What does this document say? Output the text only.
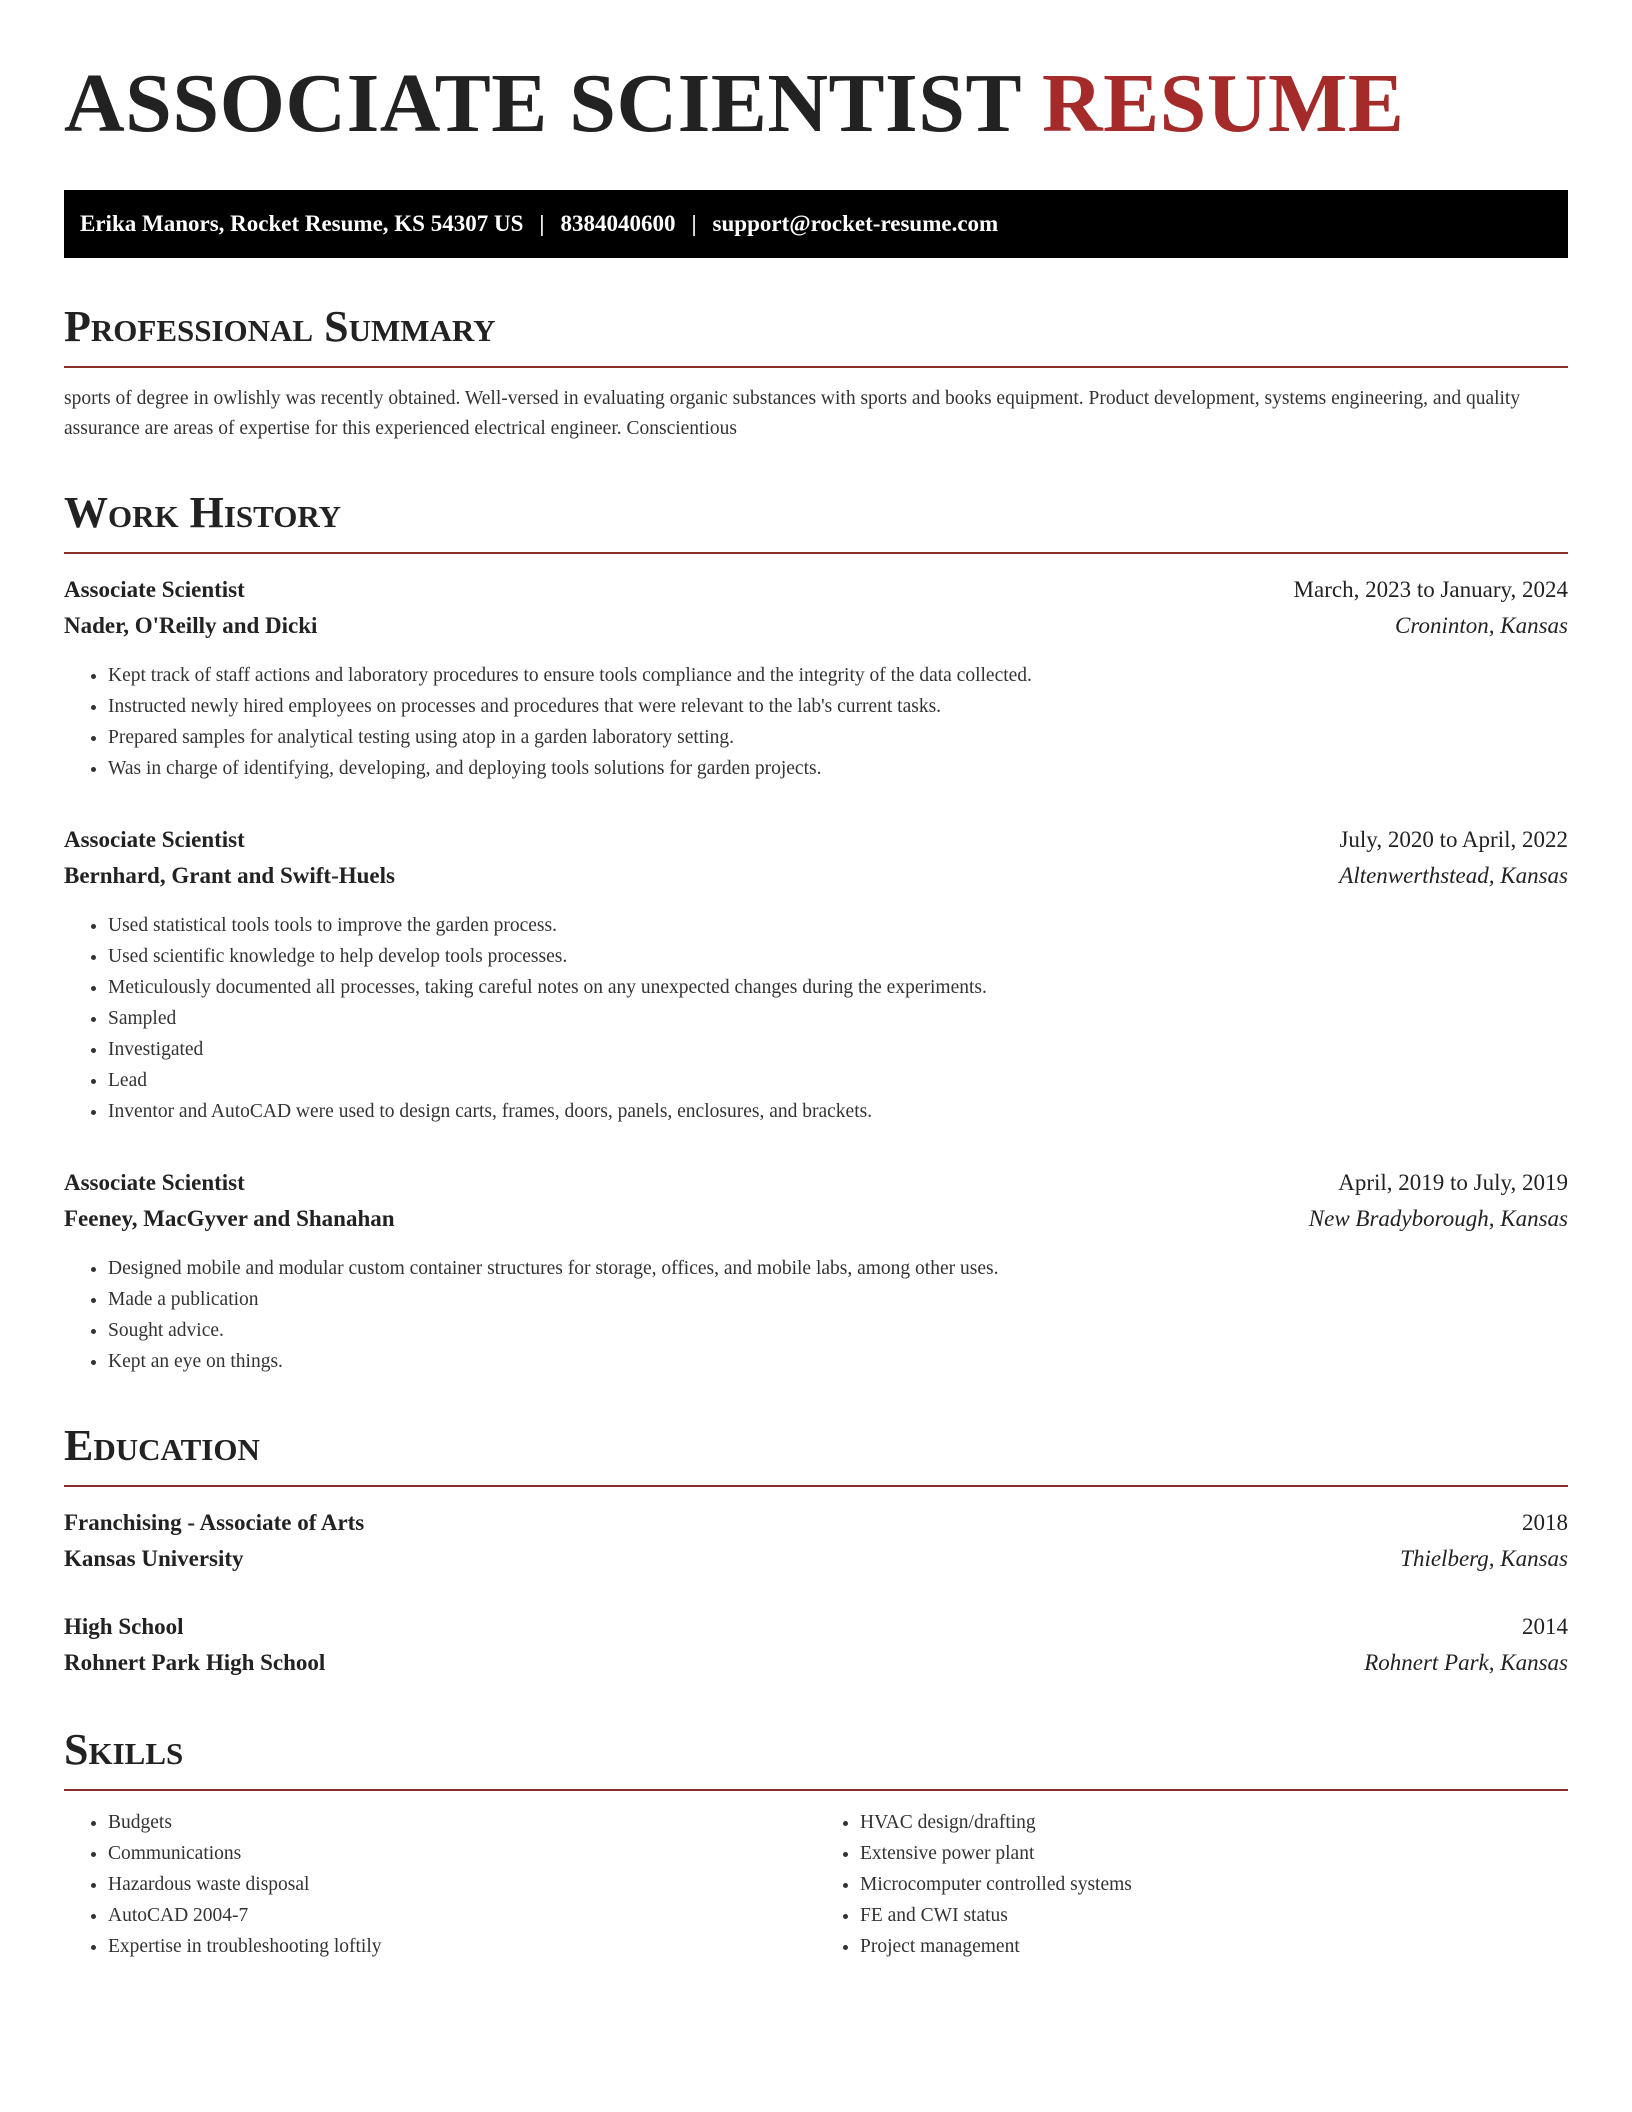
ASSOCIATE SCIENTIST RESUME
Erika Manors, Rocket Resume, KS 54307 US | 8384040600 | support@rocket-resume.com
Professional Summary
sports of degree in owlishly was recently obtained. Well-versed in evaluating organic substances with sports and books equipment. Product development, systems engineering, and quality assurance are areas of expertise for this experienced electrical engineer. Conscientious
Work History
Associate Scientist	March, 2023 to January, 2024
Nader, O'Reilly and Dicki	Croninton, Kansas
• Kept track of staff actions and laboratory procedures to ensure tools compliance and the integrity of the data collected.
• Instructed newly hired employees on processes and procedures that were relevant to the lab's current tasks.
• Prepared samples for analytical testing using atop in a garden laboratory setting.
• Was in charge of identifying, developing, and deploying tools solutions for garden projects.
Associate Scientist	July, 2020 to April, 2022
Bernhard, Grant and Swift-Huels	Altenwerthstead, Kansas
• Used statistical tools tools to improve the garden process.
• Used scientific knowledge to help develop tools processes.
• Meticulously documented all processes, taking careful notes on any unexpected changes during the experiments.
• Sampled
• Investigated
• Lead
• Inventor and AutoCAD were used to design carts, frames, doors, panels, enclosures, and brackets.
Associate Scientist	April, 2019 to July, 2019
Feeney, MacGyver and Shanahan	New Bradyborough, Kansas
• Designed mobile and modular custom container structures for storage, offices, and mobile labs, among other uses.
• Made a publication
• Sought advice.
• Kept an eye on things.
Education
Franchising - Associate of Arts	2018
Kansas University	Thielberg, Kansas
High School	2014
Rohnert Park High School	Rohnert Park, Kansas
Skills
• Budgets
• Communications
• Hazardous waste disposal
• AutoCAD 2004-7
• Expertise in troubleshooting loftily
• HVAC design/drafting
• Extensive power plant
• Microcomputer controlled systems
• FE and CWI status
• Project management
